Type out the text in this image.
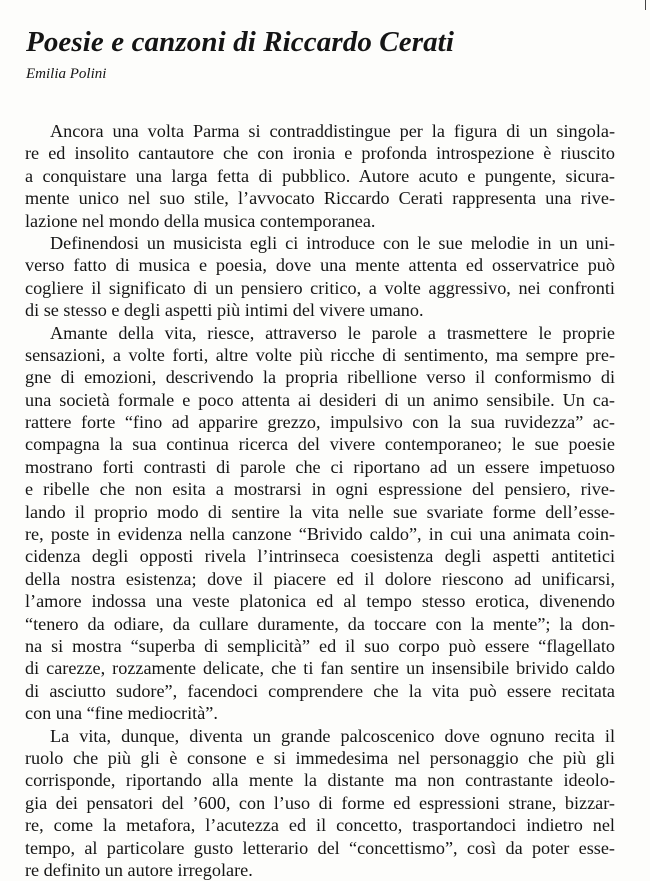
Poesie e canzoni di Riccardo Cerati

Emilia Polini

Ancora una volta Parma si contraddistingue per la figura di un singola-
re ed insolito cantautore che con ironia e profonda introspezione è riuscito
a conquistare una larga fetta di pubblico. Autore acuto e pungente, sicura-
mente unico nel suo stile, l’avvocato Riccardo Cerati rappresenta una rive-
lazione nel mondo della musica contemporanea.
Definendosi un musicista egli ci introduce con le sue melodie in un uni-
verso fatto di musica e poesia, dove una mente attenta ed osservatrice può
cogliere il significato di un pensiero critico, a volte aggressivo, nei confronti
di se stesso e degli aspetti più intimi del vivere umano.
Amante della vita, riesce, attraverso le parole a trasmettere le proprie
sensazioni, a volte forti, altre volte più ricche di sentimento, ma sempre pre-
gne di emozioni, descrivendo la propria ribellione verso il conformismo di
una società formale e poco attenta ai desideri di un animo sensibile. Un ca-
rattere forte “fino ad apparire grezzo, impulsivo con la sua ruvidezza” ac-
compagna la sua continua ricerca del vivere contemporaneo; le sue poesie
mostrano forti contrasti di parole che ci riportano ad un essere impetuoso
e ribelle che non esita a mostrarsi in ogni espressione del pensiero, rive-
lando il proprio modo di sentire la vita nelle sue svariate forme dell’esse-
re, poste in evidenza nella canzone “Brivido caldo”, in cui una animata coin-
cidenza degli opposti rivela l’intrinseca coesistenza degli aspetti antitetici
della nostra esistenza; dove il piacere ed il dolore riescono ad unificarsi,
l’amore indossa una veste platonica ed al tempo stesso erotica, divenendo
“tenero da odiare, da cullare duramente, da toccare con la mente”; la don-
na si mostra “superba di semplicità” ed il suo corpo può essere “flagellato
di carezze, rozzamente delicate, che ti fan sentire un insensibile brivido caldo
di asciutto sudore”, facendoci comprendere che la vita può essere recitata
con una “fine mediocrità”.
La vita, dunque, diventa un grande palcoscenico dove ognuno recita il
ruolo che più gli è consone e si immedesima nel personaggio che più gli
corrisponde, riportando alla mente la distante ma non contrastante ideolo-
gia dei pensatori del ’600, con l’uso di forme ed espressioni strane, bizzar-
re, come la metafora, l’acutezza ed il concetto, trasportandoci indietro nel
tempo, al particolare gusto letterario del “concettismo”, così da poter esse-
re definito un autore irregolare.
